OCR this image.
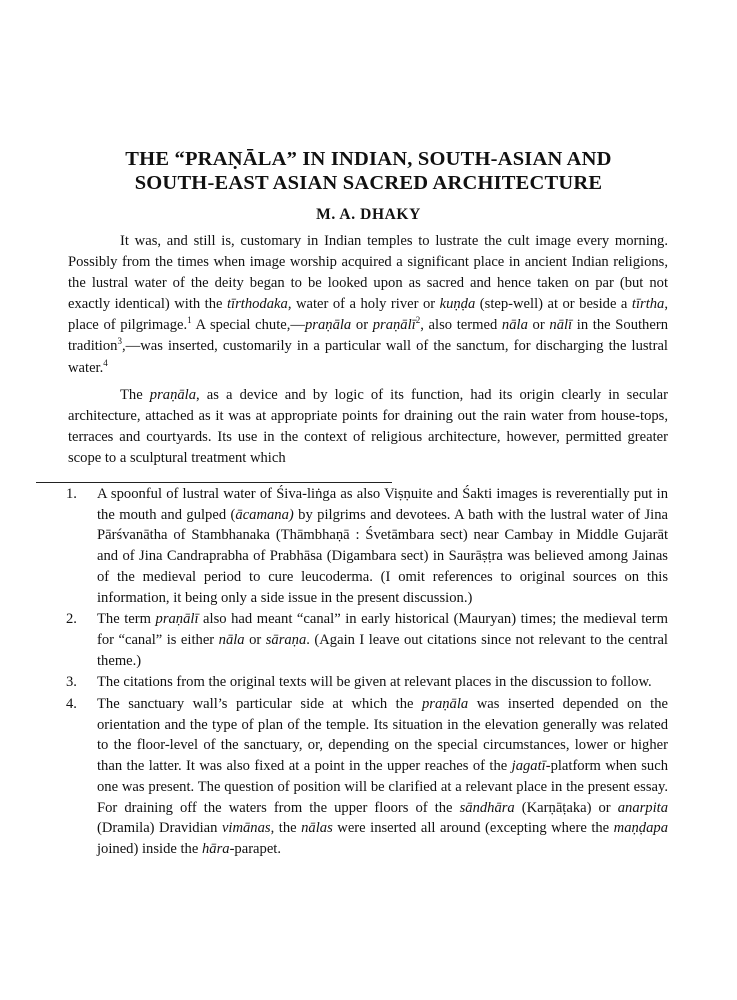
THE “PRAṆĀLA” IN INDIAN, SOUTH-ASIAN AND
SOUTH-EAST ASIAN SACRED ARCHITECTURE
M. A. DHAKY

It was, and still is, customary in Indian temples to lustrate the cult image every morning. Possibly from the times when image worship acquired a significant place in ancient Indian religions, the lustral water of the deity began to be looked upon as sacred and hence taken on par (but not exactly identical) with the tīrthodaka, water of a holy river or kuṇḍa (step-well) at or beside a tīrtha, place of pilgrimage.$^1$ A special chute,—praṇāla or praṇālī$^2$, also termed nāla or nālī in the Southern tradition$^3$,—was inserted, customarily in a particular wall of the sanctum, for discharging the lustral water.$^4$

The praṇāla, as a device and by logic of its function, had its origin clearly in secular architecture, attached as it was at appropriate points for draining out the rain water from house-tops, terraces and courtyards. Its use in the context of religious architecture, however, permitted greater scope to a sculptural treatment which

1. A spoonful of lustral water of Śiva-liṅga as also Viṣṇuite and Śakti images is reverentially put in the mouth and gulped (ācamana) by pilgrims and devotees. A bath with the lustral water of Jina Pārśvanātha of Stambhanaka (Thāmbhaṇā : Śvetāmbara sect) near Cambay in Middle Gujarāt and of Jina Candraprabha of Prabhāsa (Digambara sect) in Saurāṣṭra was believed among Jainas of the medieval period to cure leucoderma. (I omit references to original sources on this information, it being only a side issue in the present discussion.)
2. The term praṇālī also had meant “canal” in early historical (Mauryan) times; the medieval term for “canal” is either nāla or sāraṇa. (Again I leave out citations since not relevant to the central theme.)
3. The citations from the original texts will be given at relevant places in the discussion to follow.
4. The sanctuary wall’s particular side at which the praṇāla was inserted depended on the orientation and the type of plan of the temple. Its situation in the elevation generally was related to the floor-level of the sanctuary, or, depending on the special circumstances, lower or higher than the latter. It was also fixed at a point in the upper reaches of the jagatī-platform when such one was present. The question of position will be clarified at a relevant place in the present essay. For draining off the waters from the upper floors of the sāndhāra (Karṇāṭaka) or anarpita (Dramila) Dravidian vimānas, the nālas were inserted all around (excepting where the maṇḍapa joined) inside the hāra-parapet.
